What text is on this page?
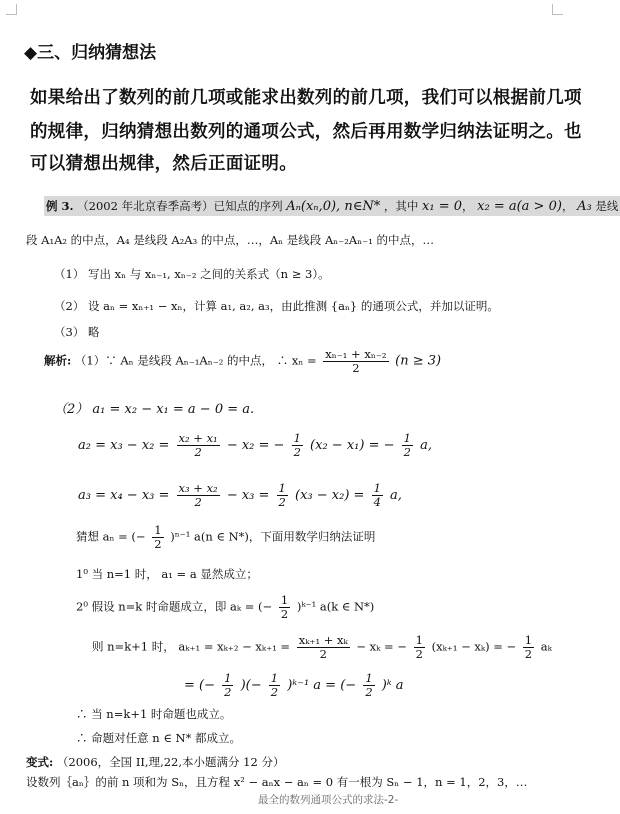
◆三、归纳猜想法
如果给出了数列的前几项或能求出数列的前几项，我们可以根据前几项
的规律，归纳猜想出数列的通项公式，然后再用数学归纳法证明之。也
可以猜想出规律，然后正面证明。
例 3. （2002 年北京春季高考）已知点的序列 Aₙ(xₙ,0), n∈N* ，其中 x₁ = 0， x₂ = a(a > 0)， A₃ 是线
段 A₁A₂ 的中点，A₄ 是线段 A₂A₃ 的中点，…，Aₙ 是线段 Aₙ₋₂Aₙ₋₁ 的中点，…
（1） 写出 xₙ 与 xₙ₋₁, xₙ₋₂ 之间的关系式（n ≥ 3）。
（2） 设 aₙ = xₙ₊₁ − xₙ，计算 a₁, a₂, a₃，由此推测 {aₙ} 的通项公式，并加以证明。
（3） 略
解析: （1）∵ Aₙ 是线段 Aₙ₋₁Aₙ₋₂ 的中点， ∴ $x_n = \frac{\text{xₙ₋₁ + xₙ₋₂}}{2} (n \ge 3)$
（2） a₁ = x₂ − x₁ = a − 0 = a.
$a_2 = x_3 - x_2 = \frac{\text{x₂ + x₁}}{2} - x_2$ = − $\frac{1}{2} (x_2 - x_1)$ = − $\frac{1}{2} a$,
$a_3 = x_4 - x_3 = \frac{\text{x₃ + x₂}}{2} - x_3 = \frac{1}{2} (x_3 - x_2) = \frac{1}{4} a$,
猜想 aₙ = (− $\frac{1}{2} )^{n-1}$ a(n ∈ N*)，下面用数学归纳法证明
1⁰ 当 n=1 时， a₁ = a 显然成立；
2⁰ 假设 n=k 时命题成立，即 aₖ = (− $\frac{1}{2}$ )ᵏ⁻¹ a(k ∈ N*)
则 n=k+1 时， $a_{k+1} = x_{k+2} - x_{k+1} = \frac{\text{xₖ₊₁ + xₖ}}{2} - x_k$ = − $\frac{1}{2} (x_{k+1} - x_k)$ = − $\frac{1}{2}$ aₖ
= (− $\frac{1}{2}$ )(− $\frac{1}{2}$ )ᵏ⁻¹ a = (− $\frac{1}{2}$ )ᵏ a
∴ 当 n=k+1 时命题也成立。
∴ 命题对任意 n ∈ N* 都成立。
变式: （2006，全国 II,理,22,本小题满分 12 分）
设数列｛aₙ｝的前 n 项和为 Sₙ，且方程 x² − aₙx − aₙ = 0 有一根为 Sₙ − 1，n = 1，2，3，…
最全的数列通项公式的求法-2-
